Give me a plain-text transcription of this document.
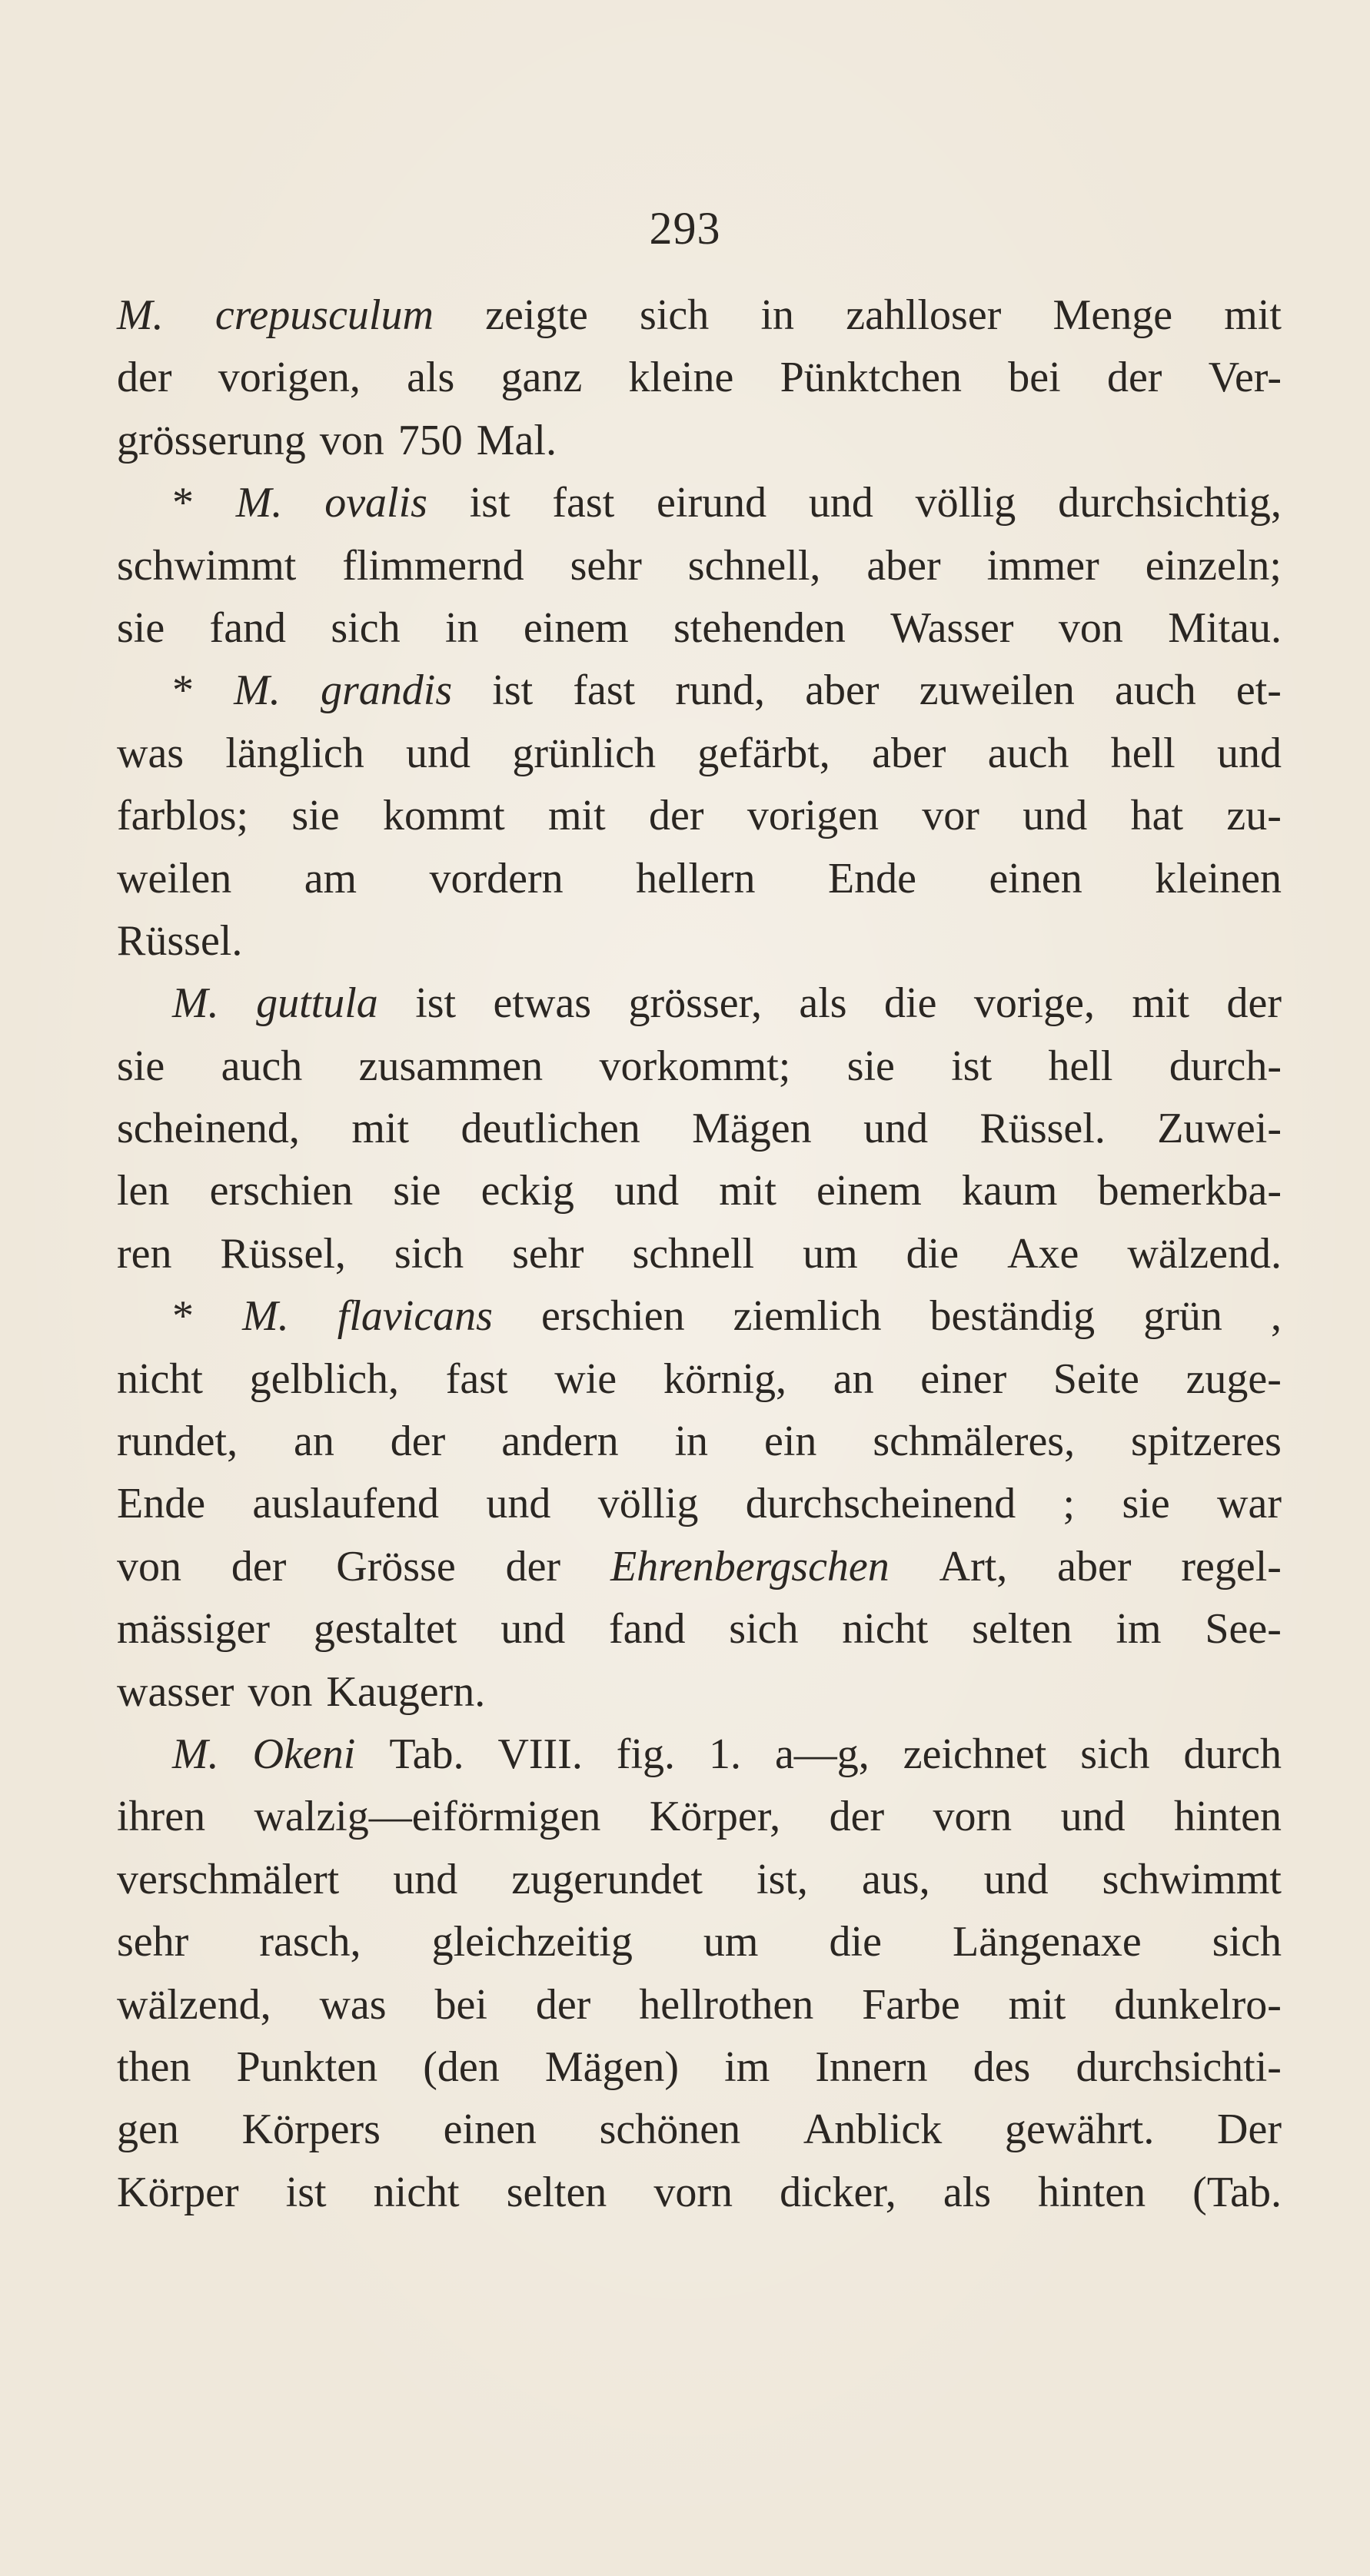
293
M. crepusculum zeigte sich in zahlloser Menge mit
der vorigen, als ganz kleine Pünktchen bei der Ver-
grösserung von 750 Mal.
* M. ovalis ist fast eirund und völlig durchsichtig,
schwimmt flimmernd sehr schnell, aber immer einzeln;
sie fand sich in einem stehenden Wasser von Mitau.
* M. grandis ist fast rund, aber zuweilen auch et-
was länglich und grünlich gefärbt, aber auch hell und
farblos; sie kommt mit der vorigen vor und hat zu-
weilen am vordern hellern Ende einen kleinen
Rüssel.
M. guttula ist etwas grösser, als die vorige, mit der
sie auch zusammen vorkommt; sie ist hell durch-
scheinend, mit deutlichen Mägen und Rüssel. Zuwei-
len erschien sie eckig und mit einem kaum bemerkba-
ren Rüssel, sich sehr schnell um die Axe wälzend.
* M. flavicans erschien ziemlich beständig grün ,
nicht gelblich, fast wie körnig, an einer Seite zuge-
rundet, an der andern in ein schmäleres, spitzeres
Ende auslaufend und völlig durchscheinend ; sie war
von der Grösse der Ehrenbergschen Art, aber regel-
mässiger gestaltet und fand sich nicht selten im See-
wasser von Kaugern.
M. Okeni Tab. VIII. fig. 1. a—g, zeichnet sich durch
ihren walzig—eiförmigen Körper, der vorn und hinten
verschmälert und zugerundet ist, aus, und schwimmt
sehr rasch, gleichzeitig um die Längenaxe sich
wälzend, was bei der hellrothen Farbe mit dunkelro-
then Punkten (den Mägen) im Innern des durchsichti-
gen Körpers einen schönen Anblick gewährt. Der
Körper ist nicht selten vorn dicker, als hinten (Tab.
